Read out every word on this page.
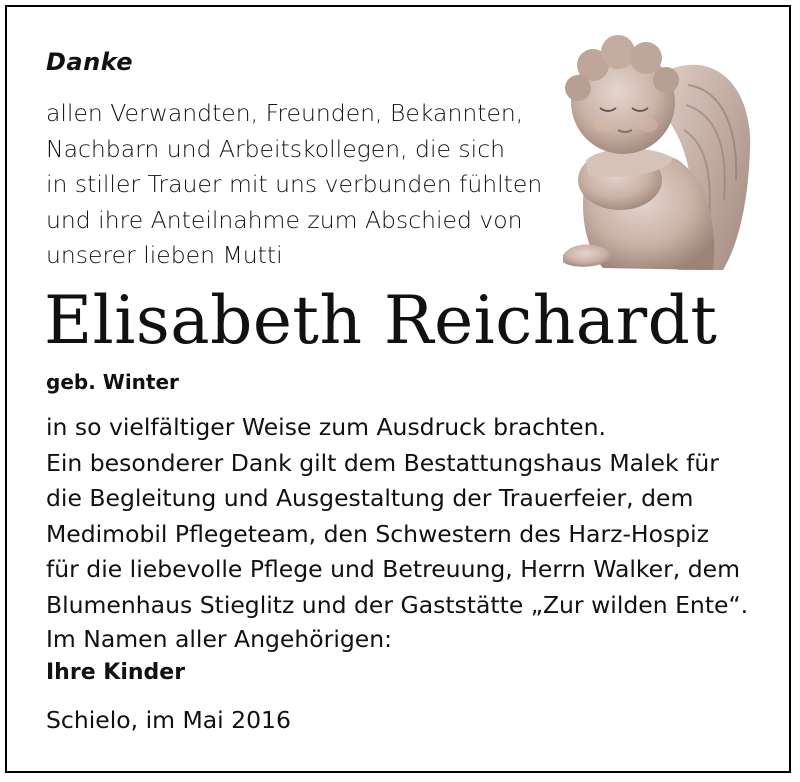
Danke
allen Verwandten, Freunden, Bekannten,
Nachbarn und Arbeitskollegen, die sich
in stiller Trauer mit uns verbunden fühlten
und ihre Anteilnahme zum Abschied von
unserer lieben Mutti
Elisabeth Reichardt
geb. Winter
in so vielfältiger Weise zum Ausdruck brachten.
Ein besonderer Dank gilt dem Bestattungshaus Malek für
die Begleitung und Ausgestaltung der Trauerfeier, dem
Medimobil Pflegeteam, den Schwestern des Harz-Hospiz
für die liebevolle Pflege und Betreuung, Herrn Walker, dem
Blumenhaus Stieglitz und der Gaststätte „Zur wilden Ente“.
Im Namen aller Angehörigen:
Ihre Kinder
Schielo, im Mai 2016
